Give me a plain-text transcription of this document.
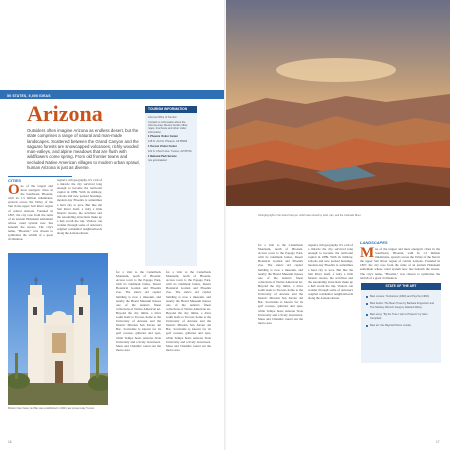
50 STATES, 5,000 IDEAS
Arizona
Outsiders often imagine Arizona as endless desert, but the state comprises a range of natural and man-made landscapes. Scattered between the Grand Canyon and the saguaro forests are snowcapped volcanoes, richly wooded man-valleys, and alpine meadows that are flush with wildflowers come spring. From old frontier towns and secluded Native American villages to modern urban sprawl, human Arizona is just as diverse.
TOURISM INFORMATION

Arizona Office of Tourism

Contact us information about the Arizona area. Mexico border office maps, brochures and other visitor information.

1 Phoenix Visitor Center

125 N. 2nd St. Phoenix, AZ 85004

1 Tucson Visitor Center

110 S. Church Ave. Tucson, AZ 85701

1 National Park Service

nps.gov/state/az

CITIES
One of the largest and most energetic cities in the Southwest, Phoenix, with its 1.5 million inhabitants, sprawls across the Valley of the Sun in the upper Salt River region of central Arizona. Founded in 1867, the city rose from the ruins of an ancient Hohokam settlement whose canal system now lies beneath the streets. The city's name, "Phoenix," was chosen to symbolize the rebirth of a great civilization.
region's rich geography. It's a bit of a miracle the city survived long enough to become the territorial capital in 1889. With its military, schools and new packed housings, modern-day Phoenix is sometimes a hard city to love. But like the Salt River itself, a truly a little historic streets, the activities and the astounding attractions make up a hub worth the trip. Visitors can wander through some of Arizona's original residential neighborhoods along the Arizona Route.
for a visit to the Camelback Mountain, north of Phoenix. Across town is the Papago Park, with its landmark buttes, Desert Botanical Garden and Phoenix Zoo. The state's old capitol building is now a museum, and nearby the Heard Museum houses one of the nation's finest collections of Native American art. Beyond the city limits, a drive south leads to Tucson, home to the University of Arizona and the historic Mission San Xavier del Bac. Scottsdale is known for its golf courses, galleries and spas, while Tempe hosts Arizona State University and a lively downtown. Mesa and Chandler round out the metro area.
for a visit to the Camelback Mountain, north of Phoenix. Across town is the Papago Park, with its landmark buttes, Desert Botanical Garden and Phoenix Zoo. The state's old capitol building is now a museum, and nearby the Heard Museum houses one of the nation's finest collections of Native American art. Beyond the city limits, a drive south leads to Tucson, home to the University of Arizona and the historic Mission San Xavier del Bac. Scottsdale is known for its golf courses, galleries and spas, while Tempe hosts Arizona State University and a lively downtown. Mesa and Chandler round out the metro area.
Mission San Xavier del Bac was established in 1692 near present-day Tucson.
16
Changing light in the Grand Canyon, which was carved by wind, rain, and the Colorado River.
for a visit to the Camelback Mountain, north of Phoenix. Across town is the Papago Park, with its landmark buttes, Desert Botanical Garden and Phoenix Zoo. The state's old capitol building is now a museum, and nearby the Heard Museum houses one of the nation's finest collections of Native American art. Beyond the city limits, a drive south leads to Tucson, home to the University of Arizona and the historic Mission San Xavier del Bac. Scottsdale is known for its golf courses, galleries and spas, while Tempe hosts Arizona State University and a lively downtown. Mesa and Chandler round out the metro area.
region's rich geography. It's a bit of a miracle the city survived long enough to become the territorial capital in 1889. With its military, schools and new packed housings, modern-day Phoenix is sometimes a hard city to love. But like the Salt River itself, a truly a little historic streets, the activities and the astounding attractions make up a hub worth the trip. Visitors can wander through some of Arizona's original residential neighborhoods along the Arizona Route.
LANDSCAPES
Mne of the largest and most energetic cities in the Southwest, Phoenix, with its 1.5 million inhabitants, sprawls across the Valley of the Sun in the upper Salt River region of central Arizona. Founded in 1867, the city rose from the ruins of an ancient Hohokam settlement whose canal system now lies beneath the streets. The city's name, "Phoenix," was chosen to symbolize the rebirth of a great civilization.
STATE OF THE ART

Best movies: Tombstone (1993) and Psycho (1960).

Best books: The Bean Trees by Barbara Kingsolver and The Monkey Wrench Gang by Edward Abbey.

Best song: "By the Time I Get to Phoenix" by Glen Campbell.

Best art: the Maynard Dixon murals.

17
